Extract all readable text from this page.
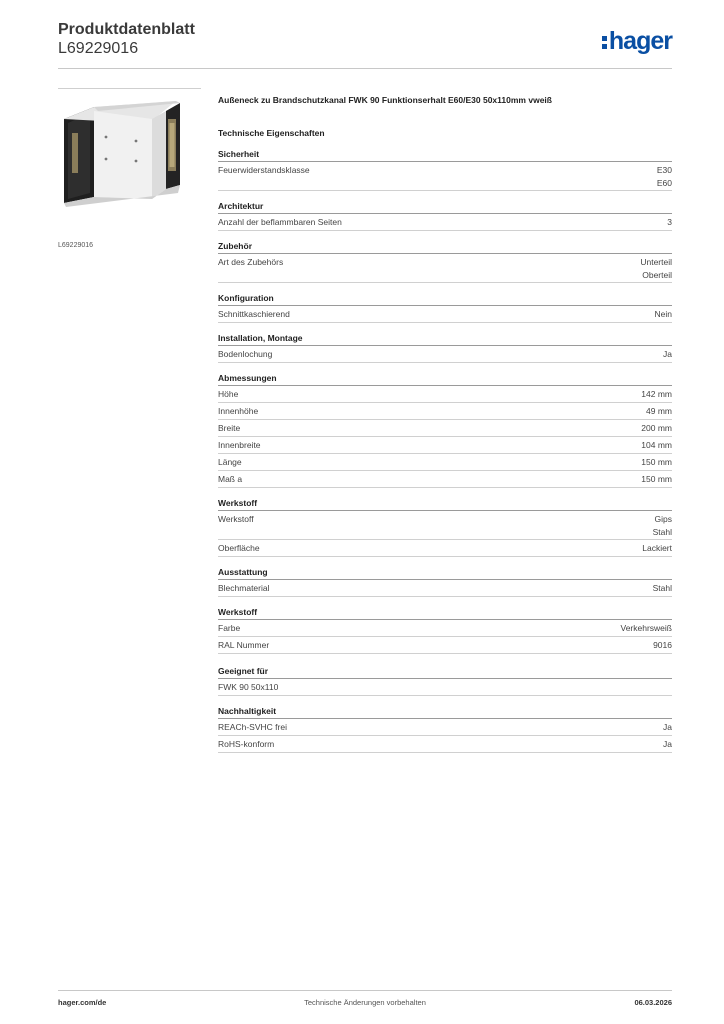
Produktdatenblatt
L69229016	hager
L69229016
Außeneck zu Brandschutzkanal FWK 90 Funktionserhalt E60/E30 50x110mm vweiß
Technische Eigenschaften
Sicherheit
Feuerwiderstandsklasse	E30
E60
Architektur
Anzahl der beflammbaren Seiten	3
Zubehör
Art des Zubehörs	Unterteil
Oberteil
Konfiguration
Schnittkaschierend	Nein
Installation, Montage
Bodenlochung	Ja
Abmessungen
Höhe	142 mm
Innenhöhe	49 mm
Breite	200 mm
Innenbreite	104 mm
Länge	150 mm
Maß a	150 mm
Werkstoff
Werkstoff	Gips
Stahl
Oberfläche	Lackiert
Ausstattung
Blechmaterial	Stahl
Werkstoff
Farbe	Verkehrsweiß
RAL Nummer	9016
Geeignet für
FWK 90 50x110
Nachhaltigkeit
REACh-SVHC frei	Ja
RoHS-konform	Ja
hager.com/de	Technische Änderungen vorbehalten	06.03.2026
